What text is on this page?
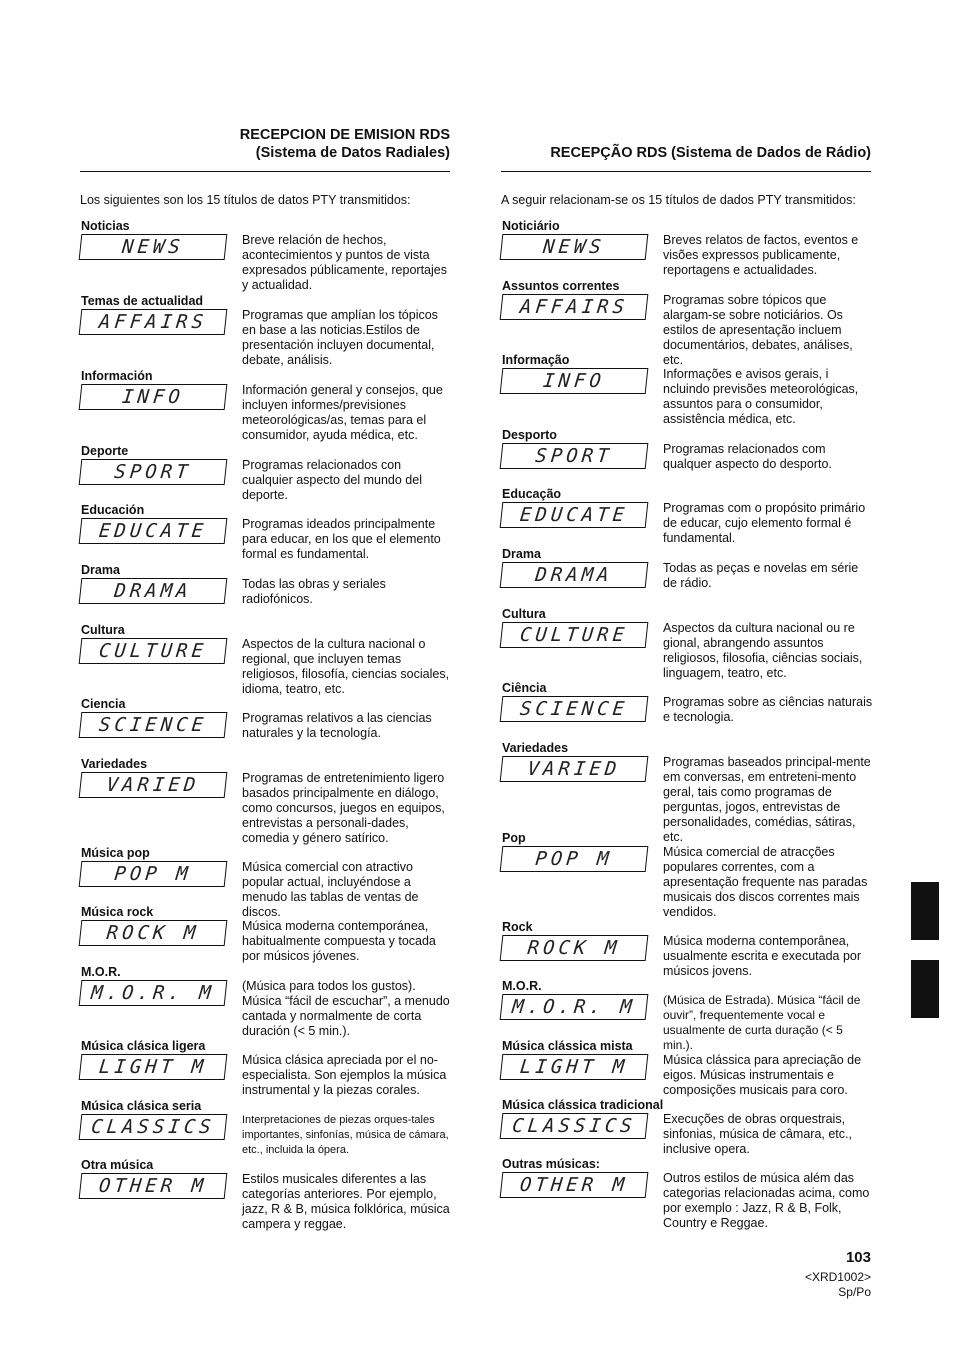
RECEPCION DE EMISION RDS
(Sistema de Datos Radiales)
Los siguientes son los 15 títulos de datos PTY transmitidos:
Noticias
NEWS	Breve relación de hechos, acontecimientos y puntos de vista expresados públicamente, reportajes y actualidad.
Temas de actualidad
AFFAIRS	Programas que amplían los tópicos en base a las noticias.Estilos de presentación incluyen documental, debate, análisis.
Información
INFO	Información general y consejos, que incluyen informes/previsiones meteorológicas/as, temas para el consumidor, ayuda médica, etc.
Deporte
SPORT	Programas relacionados con cualquier aspecto del mundo del deporte.
Educación
EDUCATE	Programas ideados principalmente para educar, en los que el elemento formal es fundamental.
Drama
DRAMA	Todas las obras y seriales radiofónicos.
Cultura
CULTURE	Aspectos de la cultura nacional o regional, que incluyen temas religiosos, filosofía, ciencias sociales, idioma, teatro, etc.
Ciencia
SCIENCE	Programas relativos a las ciencias naturales y la tecnología.
Variedades
VARIED	Programas de entretenimiento ligero basados principalmente en diálogo, como concursos, juegos en equipos, entrevistas a personali-dades, comedia y género satírico.
Música pop
POP M	Música comercial con atractivo popular actual, incluyéndose a menudo las tablas de ventas de discos.
Música rock
ROCK M	Música moderna contemporánea, habitualmente compuesta y tocada por músicos jóvenes.
M.O.R.
M.O.R. M	(Música para todos los gustos). Música “fácil de escuchar”, a menudo cantada y normalmente de corta duración (< 5 min.).
Música clásica ligera
LIGHT M	Música clásica apreciada por el no-especialista. Son ejemplos la música instrumental y la piezas corales.
Música clásica seria
CLASSICS	Interpretaciones de piezas orques-tales importantes, sinfonías, música de cámara, etc., incluida la ópera.
Otra música
OTHER M	Estilos musicales diferentes a las categorías anteriores. Por ejemplo, jazz, R & B, música folklórica, música campera y reggae.
RECEPÇÃO RDS (Sistema de Dados de Rádio)
A seguir relacionam-se os 15 títulos de dados PTY transmitidos:
Noticiário
NEWS	Breves relatos de factos, eventos e visões expressos publicamente, reportagens e actualidades.
Assuntos correntes
AFFAIRS	Programas sobre tópicos que alargam-se sobre noticiários. Os estilos de apresentação incluem documentários, debates, análises, etc.
Informação
INFO	Informações e avisos gerais, i ncluindo previsões meteorológicas, assuntos para o consumidor, assistência médica, etc.
Desporto
SPORT	Programas relacionados com qualquer aspecto do desporto.
Educação
EDUCATE	Programas com o propósito primário de educar, cujo elemento formal é fundamental.
Drama
DRAMA	Todas as peças e novelas em série de rádio.
Cultura
CULTURE	Aspectos da cultura nacional ou re gional, abrangendo assuntos religiosos, filosofia, ciências sociais, linguagem, teatro, etc.
Ciência
SCIENCE	Programas sobre as ciências naturais e tecnologia.
Variedades
VARIED	Programas baseados principal-mente em conversas, em entreteni-mento geral, tais como programas de perguntas, jogos, entrevistas de personalidades, comédias, sátiras, etc.
Pop
POP M	Música comercial de atracções populares correntes, com a apresentação frequente nas paradas musicais dos discos correntes mais vendidos.
Rock
ROCK M	Música moderna contemporânea, usualmente escrita e executada por músicos jovens.
M.O.R.
M.O.R. M	(Música de Estrada). Música “fácil de ouvir”, frequentemente vocal e usualmente de curta duração (< 5 min.).
Música clássica mista
LIGHT M	Música clássica para apreciação de eigos. Músicas instrumentais e composições musicais para coro.
Música clássica tradicional
CLASSICS	Execuções de obras orquestrais, sinfonias, música de câmara, etc., inclusive opera.
Outras músicas:
OTHER M	Outros estilos de música além das categorias relacionadas acima, como por exemplo : Jazz, R & B, Folk, Country e Reggae.
103
<XRD1002>
Sp/Po
